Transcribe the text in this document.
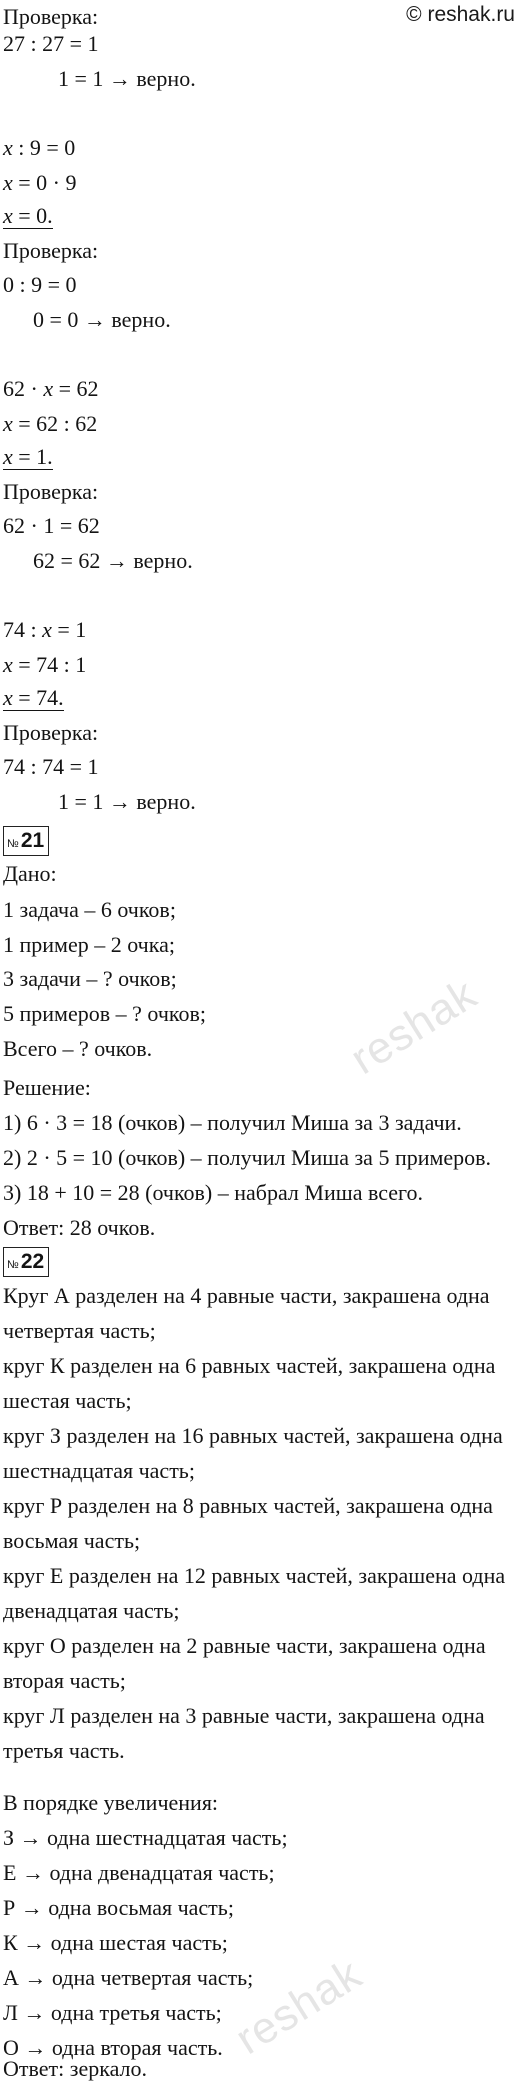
© reshak.ru
Проверка:
27 : 27 = 1
1 = 1 → верно.
x : 9 = 0
x = 0 · 9
x = 0.
Проверка:
0 : 9 = 0
0 = 0 → верно.
62 · x = 62
x = 62 : 62
x = 1.
Проверка:
62 · 1 = 62
62 = 62 → верно.
74 : x = 1
x = 74 : 1
x = 74.
Проверка:
74 : 74 = 1
1 = 1 → верно.
Дано:
1 задача – 6 очков;
1 пример – 2 очка;
3 задачи – ? очков;
5 примеров – ? очков;
Всего – ? очков.
Решение:
1) 6 · 3 = 18 (очков) – получил Миша за 3 задачи.
2) 2 · 5 = 10 (очков) – получил Миша за 5 примеров.
3) 18 + 10 = 28 (очков) – набрал Миша всего.
Ответ: 28 очков.
Круг А разделен на 4 равные части, закрашена одна
четвертая часть;
круг К разделен на 6 равных частей, закрашена одна
шестая часть;
круг З разделен на 16 равных частей, закрашена одна
шестнадцатая часть;
круг Р разделен на 8 равных частей, закрашена одна
восьмая часть;
круг Е разделен на 12 равных частей, закрашена одна
двенадцатая часть;
круг О разделен на 2 равные части, закрашена одна
вторая часть;
круг Л разделен на 3 равные части, закрашена одна
третья часть.
В порядке увеличения:
З → одна шестнадцатая часть;
Е → одна двенадцатая часть;
Р → одна восьмая часть;
К → одна шестая часть;
А → одна четвертая часть;
Л → одна третья часть;
О → одна вторая часть.
Ответ: зеркало.
№ 21
№ 22
reshak
reshak
